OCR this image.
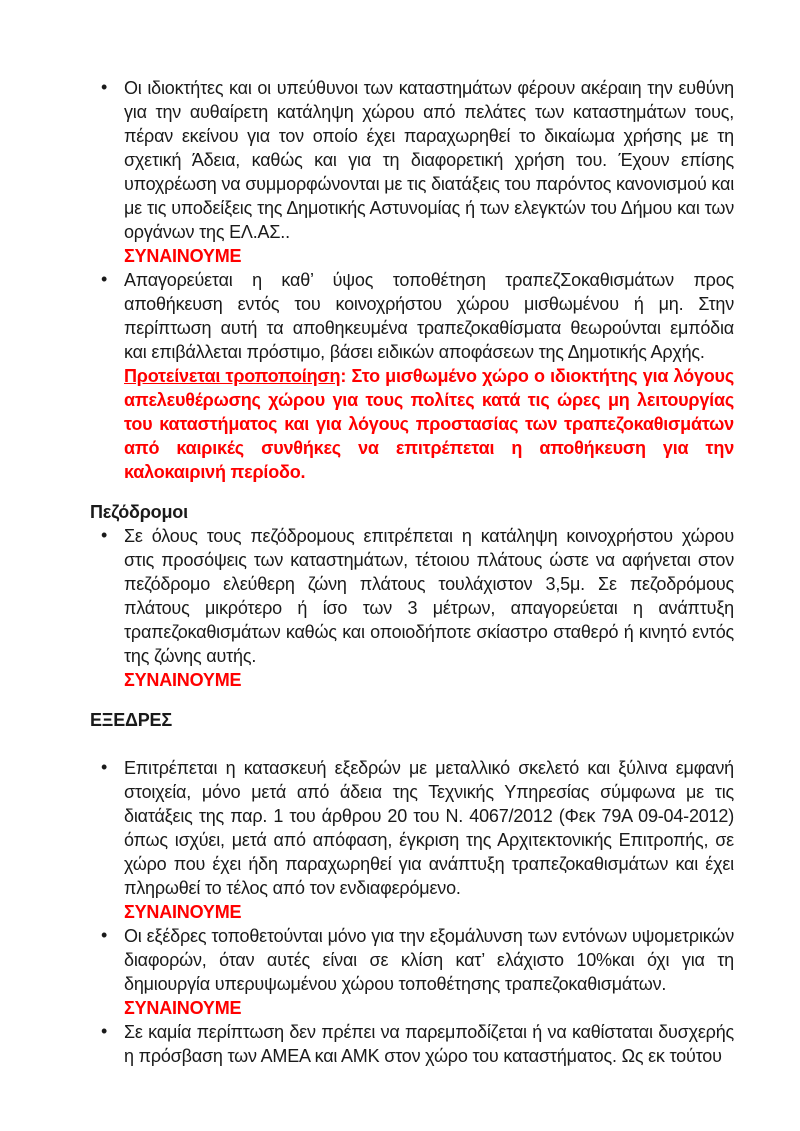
• Οι ιδιοκτήτες και οι υπεύθυνοι των καταστημάτων φέρουν ακέραιη την ευθύνη για την αυθαίρετη κατάληψη χώρου από πελάτες των καταστημάτων τους, πέραν εκείνου για τον οποίο έχει παραχωρηθεί το δικαίωμα χρήσης με τη σχετική Άδεια, καθώς και για τη διαφορετική χρήση του. Έχουν επίσης υποχρέωση να συμμορφώνονται με τις διατάξεις του παρόντος κανονισμού και με τις υποδείξεις της Δημοτικής Αστυνομίας ή των ελεγκτών του Δήμου και των οργάνων της ΕΛ.ΑΣ..
ΣΥΝΑΙΝΟΥΜΕ
• Απαγορεύεται η καθ’ ύψος τοποθέτηση τραπεζΣοκαθισμάτων προς αποθήκευση εντός του κοινοχρήστου χώρου μισθωμένου ή μη. Στην περίπτωση αυτή τα αποθηκευμένα τραπεζοκαθίσματα θεωρούνται εμπόδια και επιβάλλεται πρόστιμο, βάσει ειδικών αποφάσεων της Δημοτικής Αρχής.
Προτείνεται τροποποίηση: Στο μισθωμένο χώρο ο ιδιοκτήτης για λόγους απελευθέρωσης χώρου για τους πολίτες κατά τις ώρες μη λειτουργίας του καταστήματος και για λόγους προστασίας των τραπεζοκαθισμάτων από καιρικές συνθήκες να επιτρέπεται η αποθήκευση για την καλοκαιρινή περίοδο.
Πεζόδρομοι
• Σε όλους τους πεζόδρομους επιτρέπεται η κατάληψη κοινοχρήστου χώρου στις προσόψεις των καταστημάτων, τέτοιου πλάτους ώστε να αφήνεται στον πεζόδρομο ελεύθερη ζώνη πλάτους τουλάχιστον 3,5μ. Σε πεζοδρόμους πλάτους μικρότερο ή ίσο των 3 μέτρων, απαγορεύεται η ανάπτυξη τραπεζοκαθισμάτων καθώς και οποιοδήποτε σκίαστρο σταθερό ή κινητό εντός της ζώνης αυτής.
ΣΥΝΑΙΝΟΥΜΕ
ΕΞΕΔΡΕΣ
• Επιτρέπεται η κατασκευή εξεδρών με μεταλλικό σκελετό και ξύλινα εμφανή στοιχεία, μόνο μετά από άδεια της Τεχνικής Υπηρεσίας σύμφωνα με τις διατάξεις της παρ. 1 του άρθρου 20 του Ν. 4067/2012 (Φεκ 79Α 09-04-2012) όπως ισχύει, μετά από απόφαση, έγκριση της Αρχιτεκτονικής Επιτροπής, σε χώρο που έχει ήδη παραχωρηθεί για ανάπτυξη τραπεζοκαθισμάτων και έχει πληρωθεί το τέλος από τον ενδιαφερόμενο.
ΣΥΝΑΙΝΟΥΜΕ
• Οι εξέδρες τοποθετούνται μόνο για την εξομάλυνση των εντόνων υψομετρικών διαφορών, όταν αυτές είναι σε κλίση κατ’ ελάχιστο 10%και όχι για τη δημιουργία υπερυψωμένου χώρου τοποθέτησης τραπεζοκαθισμάτων.
ΣΥΝΑΙΝΟΥΜΕ
• Σε καμία περίπτωση δεν πρέπει να παρεμποδίζεται ή να καθίσταται δυσχερής η πρόσβαση των ΑΜΕΑ και ΑΜΚ στον χώρο του καταστήματος. Ως εκ τούτου
